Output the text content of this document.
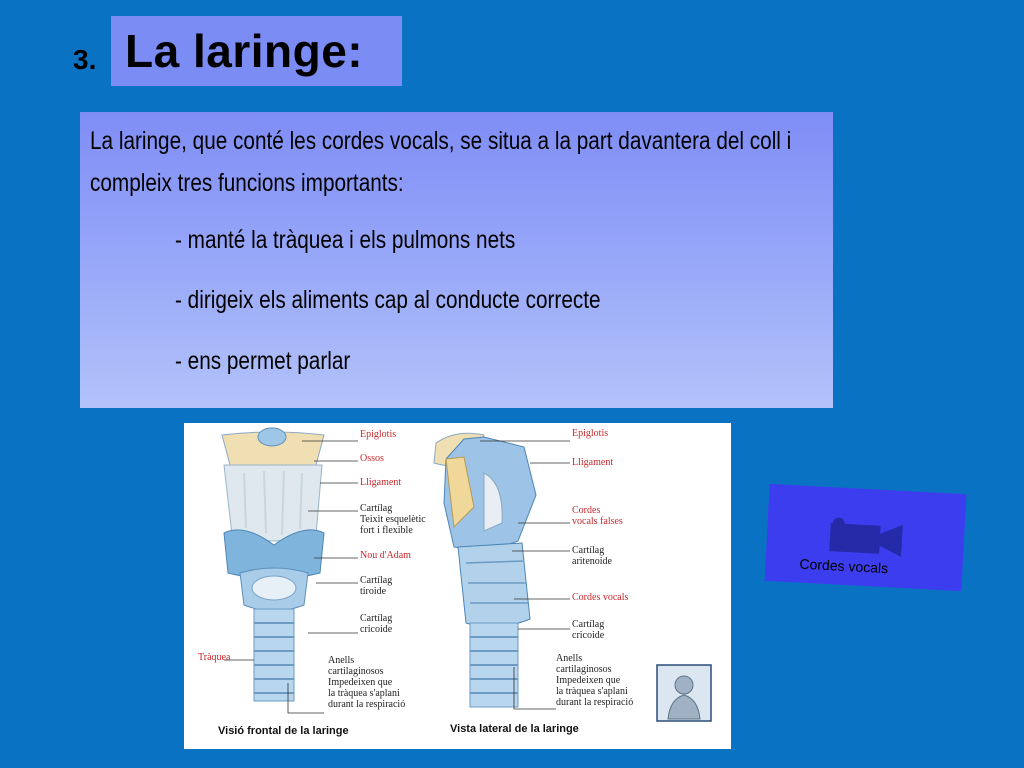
3. La laringe:
La laringe, que conté les cordes vocals, se situa a la part davantera del coll i compleix tres funcions importants:
- manté la tràquea i els pulmons nets
- dirigeix els aliments cap al conducte correcte
- ens permet parlar
Epiglotis
Ossos
Lligament
Cartílag
Teixit esquelètic
fort i flexible
Nou d'Adam
Cartílag
tiroide
Cartílag
cricoide
Tràquea	Anells
cartilaginosos
Impedeixen que
la tràquea s'aplani
durant la respiració
Visió frontal de la laringe
Epiglotis
Lligament
Cordes
vocals falses
Cartílag
aritenoide
Cordes vocals
Cartílag
cricoide
Anells
cartilaginosos
Impedeixen que
la tràquea s'aplani
durant la respiració
Vista lateral de la laringe
Cordes vocals
